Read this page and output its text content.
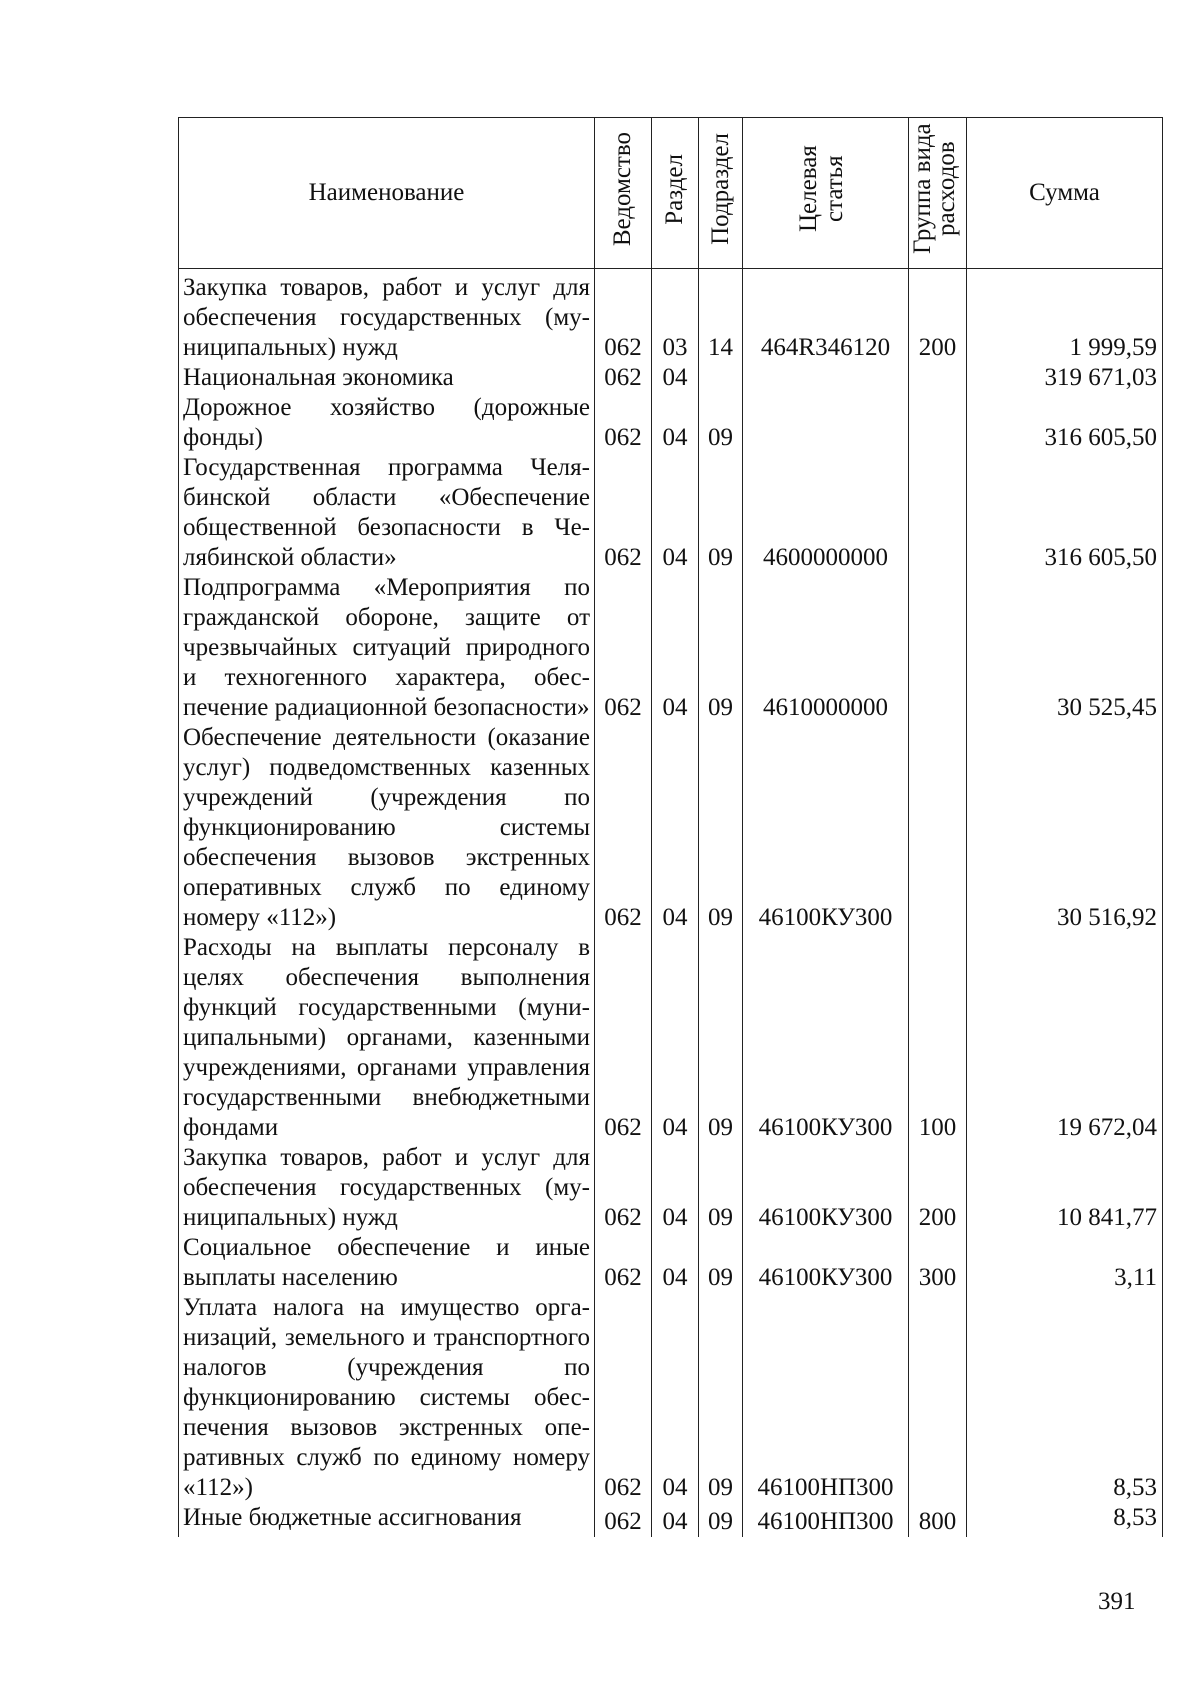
Наименование	Ведомство	Раздел	Подраздел	Целевая статья	Группа вида расходов	Сумма
Закупка товаров, работ и услуг для обеспечения государственных (муниципальных) нужд	062	03	14	464R346120	200	1 999,59
Национальная экономика	062	04				319 671,03
Дорожное хозяйство (дорожные фонды)	062	04	09			316 605,50
Государственная программа Челябинской области «Обеспечение общественной безопасности в Челябинской области»	062	04	09	4600000000		316 605,50
Подпрограмма «Мероприятия по гражданской обороне, защите от чрезвычайных ситуаций природного и техногенного характера, обеспечение радиационной безопасности»	062	04	09	4610000000		30 525,45
Обеспечение деятельности (оказание услуг) подведомственных казенных учреждений (учреждения по функционированию системы обеспечения вызовов экстренных оперативных служб по единому номеру «112»)	062	04	09	46100КУ300		30 516,92
Расходы на выплаты персоналу в целях обеспечения выполнения функций государственными (муниципальными) органами, казенными учреждениями, органами управления государственными внебюджетными фондами	062	04	09	46100КУ300	100	19 672,04
Закупка товаров, работ и услуг для обеспечения государственных (муниципальных) нужд	062	04	09	46100КУ300	200	10 841,77
Социальное обеспечение и иные выплаты населению	062	04	09	46100КУ300	300	3,11
Уплата налога на имущество организаций, земельного и транспортного налогов (учреждения по функционированию системы обеспечения вызовов экстренных оперативных служб по единому номеру «112»)	062	04	09	46100НП300		8,53
Иные бюджетные ассигнования	062	04	09	46100НП300	800	8,53
391
